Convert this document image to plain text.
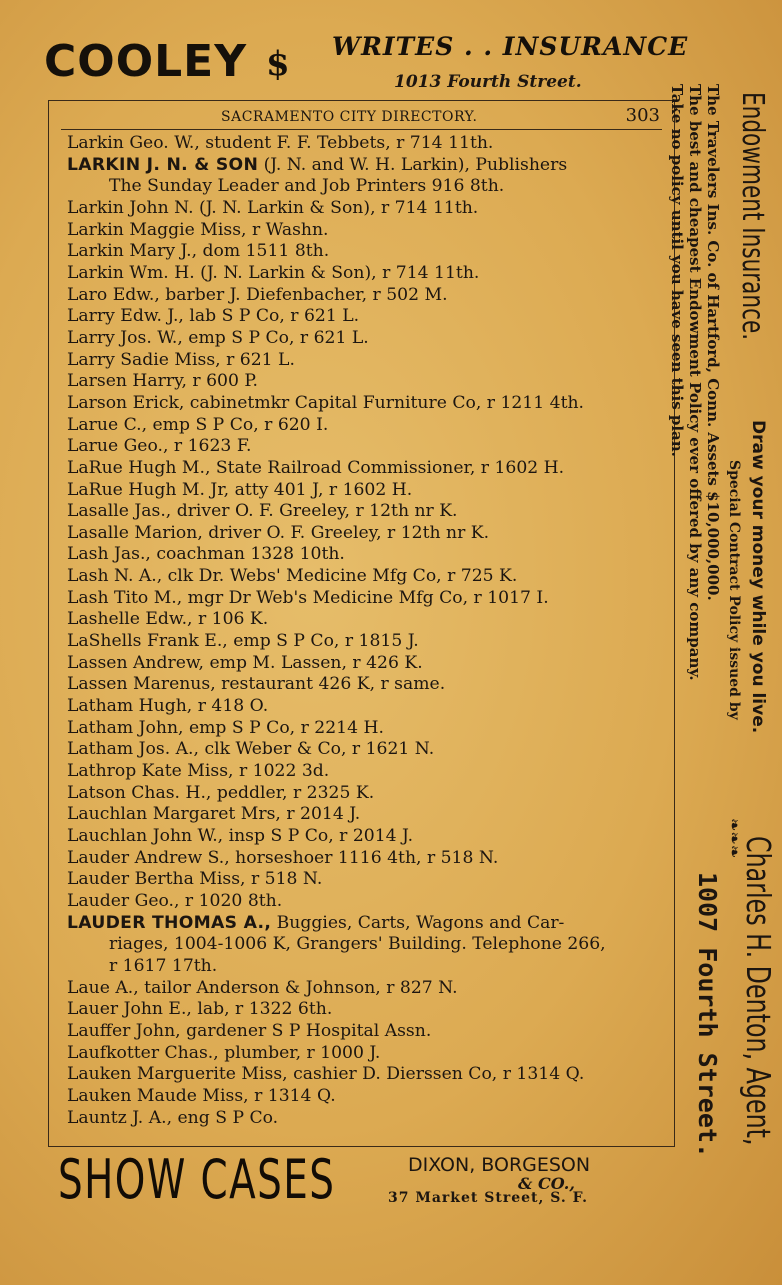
COOLEY $ WRITES . . INSURANCE
1013 Fourth Street.
SACRAMENTO CITY DIRECTORY.	303
Larkin Geo. W., student F. F. Tebbets, r 714 11th.
LARKIN J. N. & SON (J. N. and W. H. Larkin), Publishers
The Sunday Leader and Job Printers 916 8th.
Larkin John N. (J. N. Larkin & Son), r 714 11th.
Larkin Maggie Miss, r Washn.
Larkin Mary J., dom 1511 8th.
Larkin Wm. H. (J. N. Larkin & Son), r 714 11th.
Laro Edw., barber J. Diefenbacher, r 502 M.
Larry Edw. J., lab S P Co, r 621 L.
Larry Jos. W., emp S P Co, r 621 L.
Larry Sadie Miss, r 621 L.
Larsen Harry, r 600 P.
Larson Erick, cabinetmkr Capital Furniture Co, r 1211 4th.
Larue C., emp S P Co, r 620 I.
Larue Geo., r 1623 F.
LaRue Hugh M., State Railroad Commissioner, r 1602 H.
LaRue Hugh M. Jr, atty 401 J, r 1602 H.
Lasalle Jas., driver O. F. Greeley, r 12th nr K.
Lasalle Marion, driver O. F. Greeley, r 12th nr K.
Lash Jas., coachman 1328 10th.
Lash N. A., clk Dr. Webs' Medicine Mfg Co, r 725 K.
Lash Tito M., mgr Dr Web's Medicine Mfg Co, r 1017 I.
Lashelle Edw., r 106 K.
LaShells Frank E., emp S P Co, r 1815 J.
Lassen Andrew, emp M. Lassen, r 426 K.
Lassen Marenus, restaurant 426 K, r same.
Latham Hugh, r 418 O.
Latham John, emp S P Co, r 2214 H.
Latham Jos. A., clk Weber & Co, r 1621 N.
Lathrop Kate Miss, r 1022 3d.
Latson Chas. H., peddler, r 2325 K.
Lauchlan Margaret Mrs, r 2014 J.
Lauchlan John W., insp S P Co, r 2014 J.
Lauder Andrew S., horseshoer 1116 4th, r 518 N.
Lauder Bertha Miss, r 518 N.
Lauder Geo., r 1020 8th.
LAUDER THOMAS A., Buggies, Carts, Wagons and Car-
riages, 1004-1006 K, Grangers' Building. Telephone 266,
r 1617 17th.
Laue A., tailor Anderson & Johnson, r 827 N.
Lauer John E., lab, r 1322 6th.
Lauffer John, gardener S P Hospital Assn.
Laufkotter Chas., plumber, r 1000 J.
Lauken Marguerite Miss, cashier D. Dierssen Co, r 1314 Q.
Lauken Maude Miss, r 1314 Q.
Launtz J. A., eng S P Co.
SHOW CASES	DIXON, BORGESON
& CO.,
37 Market Street, S. F.
Endowment Insurance.
The Travelers Ins. Co. of Hartford, Conn. Assets $10,000,000.
The best and cheapest Endowment Policy ever offered by any company.
Take no policy until you have seen this plan.
Draw your money while you live.
Special Contract Policy issued by
❧❧❧
Charles H. Denton, Agent,
1007 Fourth Street.
